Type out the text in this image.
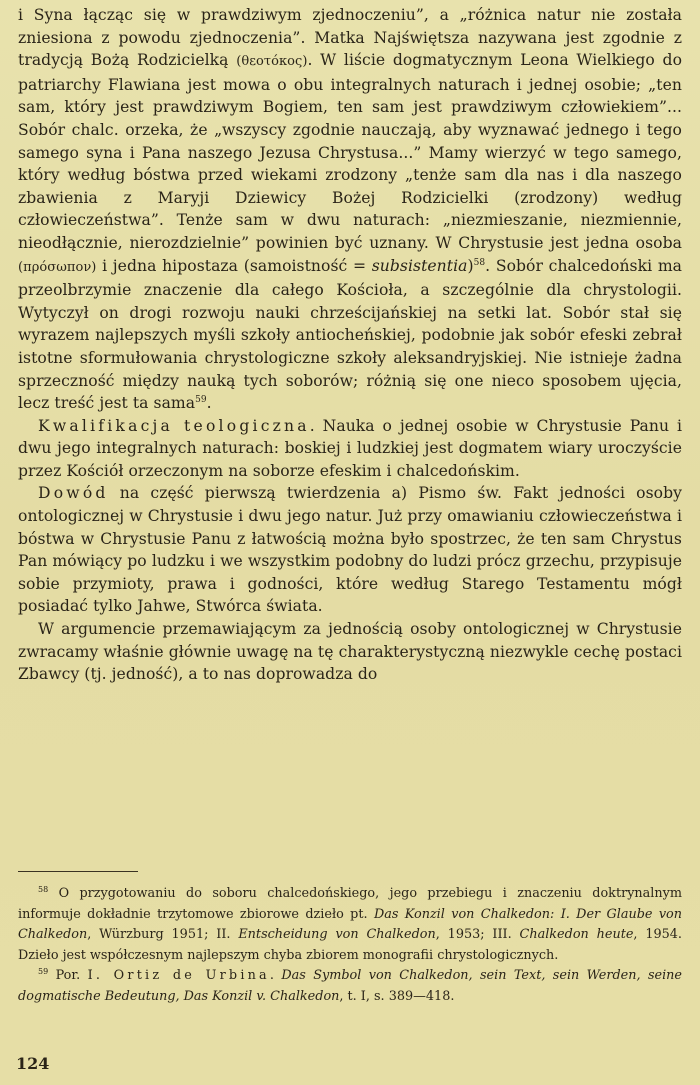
i Syna łącząc się w prawdziwym zjednoczeniu”, a „różnica natur nie została zniesiona z powodu zjednoczenia”. Matka Najświętsza nazywana jest zgodnie z tradycją Bożą Rodzicielką (θεοτόκος). W liście dogmatycznym Leona Wielkiego do patriarchy Flawiana jest mowa o obu integralnych naturach i jednej osobie; „ten sam, który jest prawdziwym Bogiem, ten sam jest prawdziwym człowiekiem”... Sobór chalc. orzeka, że „wszyscy zgodnie nauczają, aby wyznawać jednego i tego samego syna i Pana naszego Jezusa Chrystusa...” Mamy wierzyć w tego samego, który według bóstwa przed wiekami zrodzony „tenże sam dla nas i dla naszego zbawienia z Maryji Dziewicy Bożej Rodzicielki (zrodzony) według człowieczeństwa”. Tenże sam w dwu naturach: „niezmieszanie, niezmiennie, nieodłącznie, nierozdzielnie” powinien być uznany. W Chrystusie jest jedna osoba (πρόσωπον) i jedna hipostaza (samoistność = subsistentia)$^{58}$. Sobór chalcedoński ma przeolbrzymie znaczenie dla całego Kościoła, a szczególnie dla chrystologii. Wytyczył on drogi rozwoju nauki chrześcijańskiej na setki lat. Sobór stał się wyrazem najlepszych myśli szkoły antiocheńskiej, podobnie jak sobór efeski zebrał istotne sformułowania chrystologiczne szkoły aleksandryjskiej. Nie istnieje żadna sprzeczność między nauką tych soborów; różnią się one nieco sposobem ujęcia, lecz treść jest ta sama$^{59}$.

Kwalifikacja teologiczna. Nauka o jednej osobie w Chrystusie Panu i dwu jego integralnych naturach: boskiej i ludzkiej jest dogmatem wiary uroczyście przez Kościół orzeczonym na soborze efeskim i chalcedońskim.

Dowód na część pierwszą twierdzenia a) Pismo św. Fakt jedności osoby ontologicznej w Chrystusie i dwu jego natur. Już przy omawianiu człowieczeństwa i bóstwa w Chrystusie Panu z łatwością można było spostrzec, że ten sam Chrystus Pan mówiący po ludzku i we wszystkim podobny do ludzi prócz grzechu, przypisuje sobie przymioty, prawa i godności, które według Starego Testamentu mógł posiadać tylko Jahwe, Stwórca świata.

W argumencie przemawiającym za jednością osoby ontologicznej w Chrystusie zwracamy właśnie głównie uwagę na tę charakterystyczną niezwykle cechę postaci Zbawcy (tj. jedność), a to nas doprowadza do

$^{58}$ O przygotowaniu do soboru chalcedońskiego, jego przebiegu i znaczeniu doktrynalnym informuje dokładnie trzytomowe zbiorowe dzieło pt. Das Konzil von Chalkedon: I. Der Glaube von Chalkedon, Würzburg 1951; II. Entscheidung von Chalkedon, 1953; III. Chalkedon heute, 1954. Dzieło jest współczesnym najlepszym chyba zbiorem monografii chrystologicznych.

$^{59}$ Por. I. Ortiz de Urbina. Das Symbol von Chalkedon, sein Text, sein Werden, seine dogmatische Bedeutung, Das Konzil v. Chalkedon, t. I, s. 389—418.

124
